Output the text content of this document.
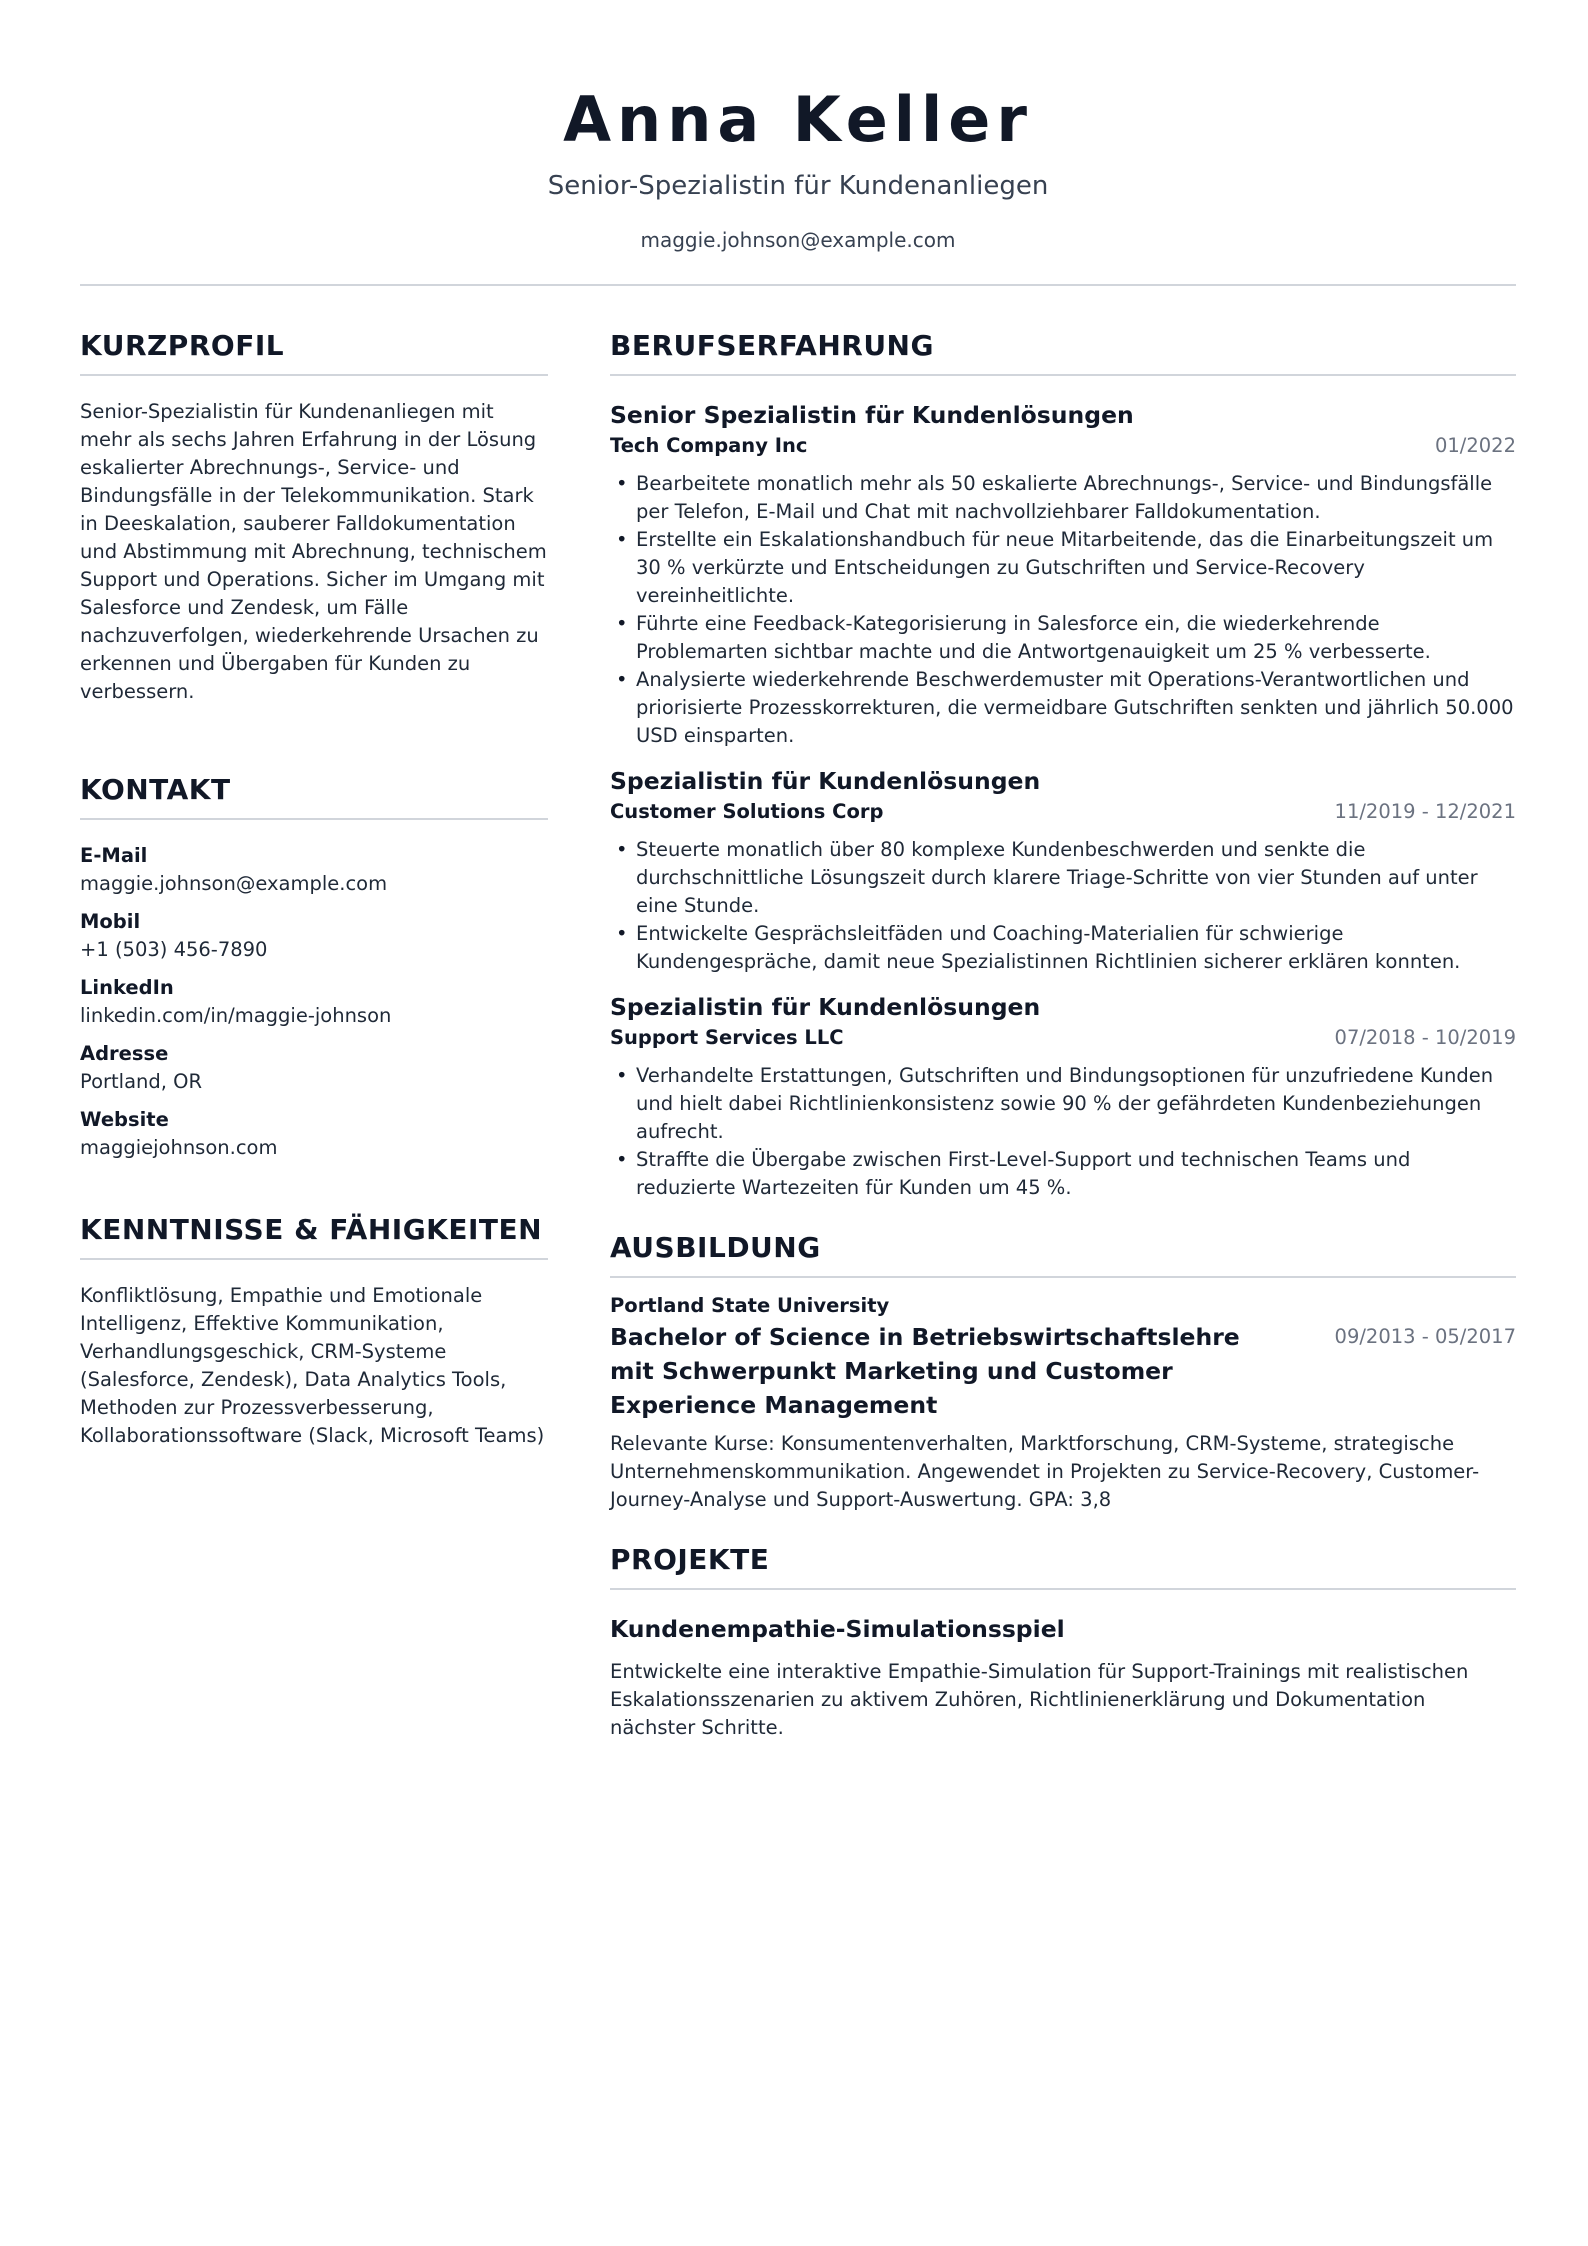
Anna Keller
Senior-Spezialistin für Kundenanliegen
maggie.johnson@example.com
KURZPROFIL
Senior-Spezialistin für Kundenanliegen mit mehr als sechs Jahren Erfahrung in der Lösung eskalierter Abrechnungs-, Service- und Bindungsfälle in der Telekommunikation. Stark in Deeskalation, sauberer Falldokumentation und Abstimmung mit Abrechnung, technischem Support und Operations. Sicher im Umgang mit Salesforce und Zendesk, um Fälle nachzuverfolgen, wiederkehrende Ursachen zu erkennen und Übergaben für Kunden zu verbessern.
KONTAKT
E-Mail
maggie.johnson@example.com
Mobil
+1 (503) 456-7890
LinkedIn
linkedin.com/in/maggie-johnson
Adresse
Portland, OR
Website
maggiejohnson.com
KENNTNISSE & FÄHIGKEITEN
Konfliktlösung, Empathie und Emotionale Intelligenz, Effektive Kommunikation, Verhandlungsgeschick, CRM-Systeme (Salesforce, Zendesk), Data Analytics Tools, Methoden zur Prozessverbesserung, Kollaborationssoftware (Slack, Microsoft Teams)
BERUFSERFAHRUNG
Senior Spezialistin für Kundenlösungen
Tech Company Inc	01/2022
• Bearbeitete monatlich mehr als 50 eskalierte Abrechnungs-, Service- und Bindungsfälle per Telefon, E-Mail und Chat mit nachvollziehbarer Falldokumentation.
• Erstellte ein Eskalationshandbuch für neue Mitarbeitende, das die Einarbeitungszeit um 30 % verkürzte und Entscheidungen zu Gutschriften und Service-Recovery vereinheitlichte.
• Führte eine Feedback-Kategorisierung in Salesforce ein, die wiederkehrende Problemarten sichtbar machte und die Antwortgenauigkeit um 25 % verbesserte.
• Analysierte wiederkehrende Beschwerdemuster mit Operations-Verantwortlichen und priorisierte Prozesskorrekturen, die vermeidbare Gutschriften senkten und jährlich 50.000 USD einsparten.
Spezialistin für Kundenlösungen
Customer Solutions Corp	11/2019 - 12/2021
• Steuerte monatlich über 80 komplexe Kundenbeschwerden und senkte die durchschnittliche Lösungszeit durch klarere Triage-Schritte von vier Stunden auf unter eine Stunde.
• Entwickelte Gesprächsleitfäden und Coaching-Materialien für schwierige Kundengespräche, damit neue Spezialistinnen Richtlinien sicherer erklären konnten.
Spezialistin für Kundenlösungen
Support Services LLC	07/2018 - 10/2019
• Verhandelte Erstattungen, Gutschriften und Bindungsoptionen für unzufriedene Kunden und hielt dabei Richtlinienkonsistenz sowie 90 % der gefährdeten Kundenbeziehungen aufrecht.
• Straffte die Übergabe zwischen First-Level-Support und technischen Teams und reduzierte Wartezeiten für Kunden um 45 %.
AUSBILDUNG
Portland State University
Bachelor of Science in Betriebswirtschaftslehre mit Schwerpunkt Marketing und Customer Experience Management
09/2013 - 05/2017
Relevante Kurse: Konsumentenverhalten, Marktforschung, CRM-Systeme, strategische Unternehmenskommunikation. Angewendet in Projekten zu Service-Recovery, Customer-Journey-Analyse und Support-Auswertung. GPA: 3,8
PROJEKTE
Kundenempathie-Simulationsspiel
Entwickelte eine interaktive Empathie-Simulation für Support-Trainings mit realistischen Eskalationsszenarien zu aktivem Zuhören, Richtlinienerklärung und Dokumentation nächster Schritte.
